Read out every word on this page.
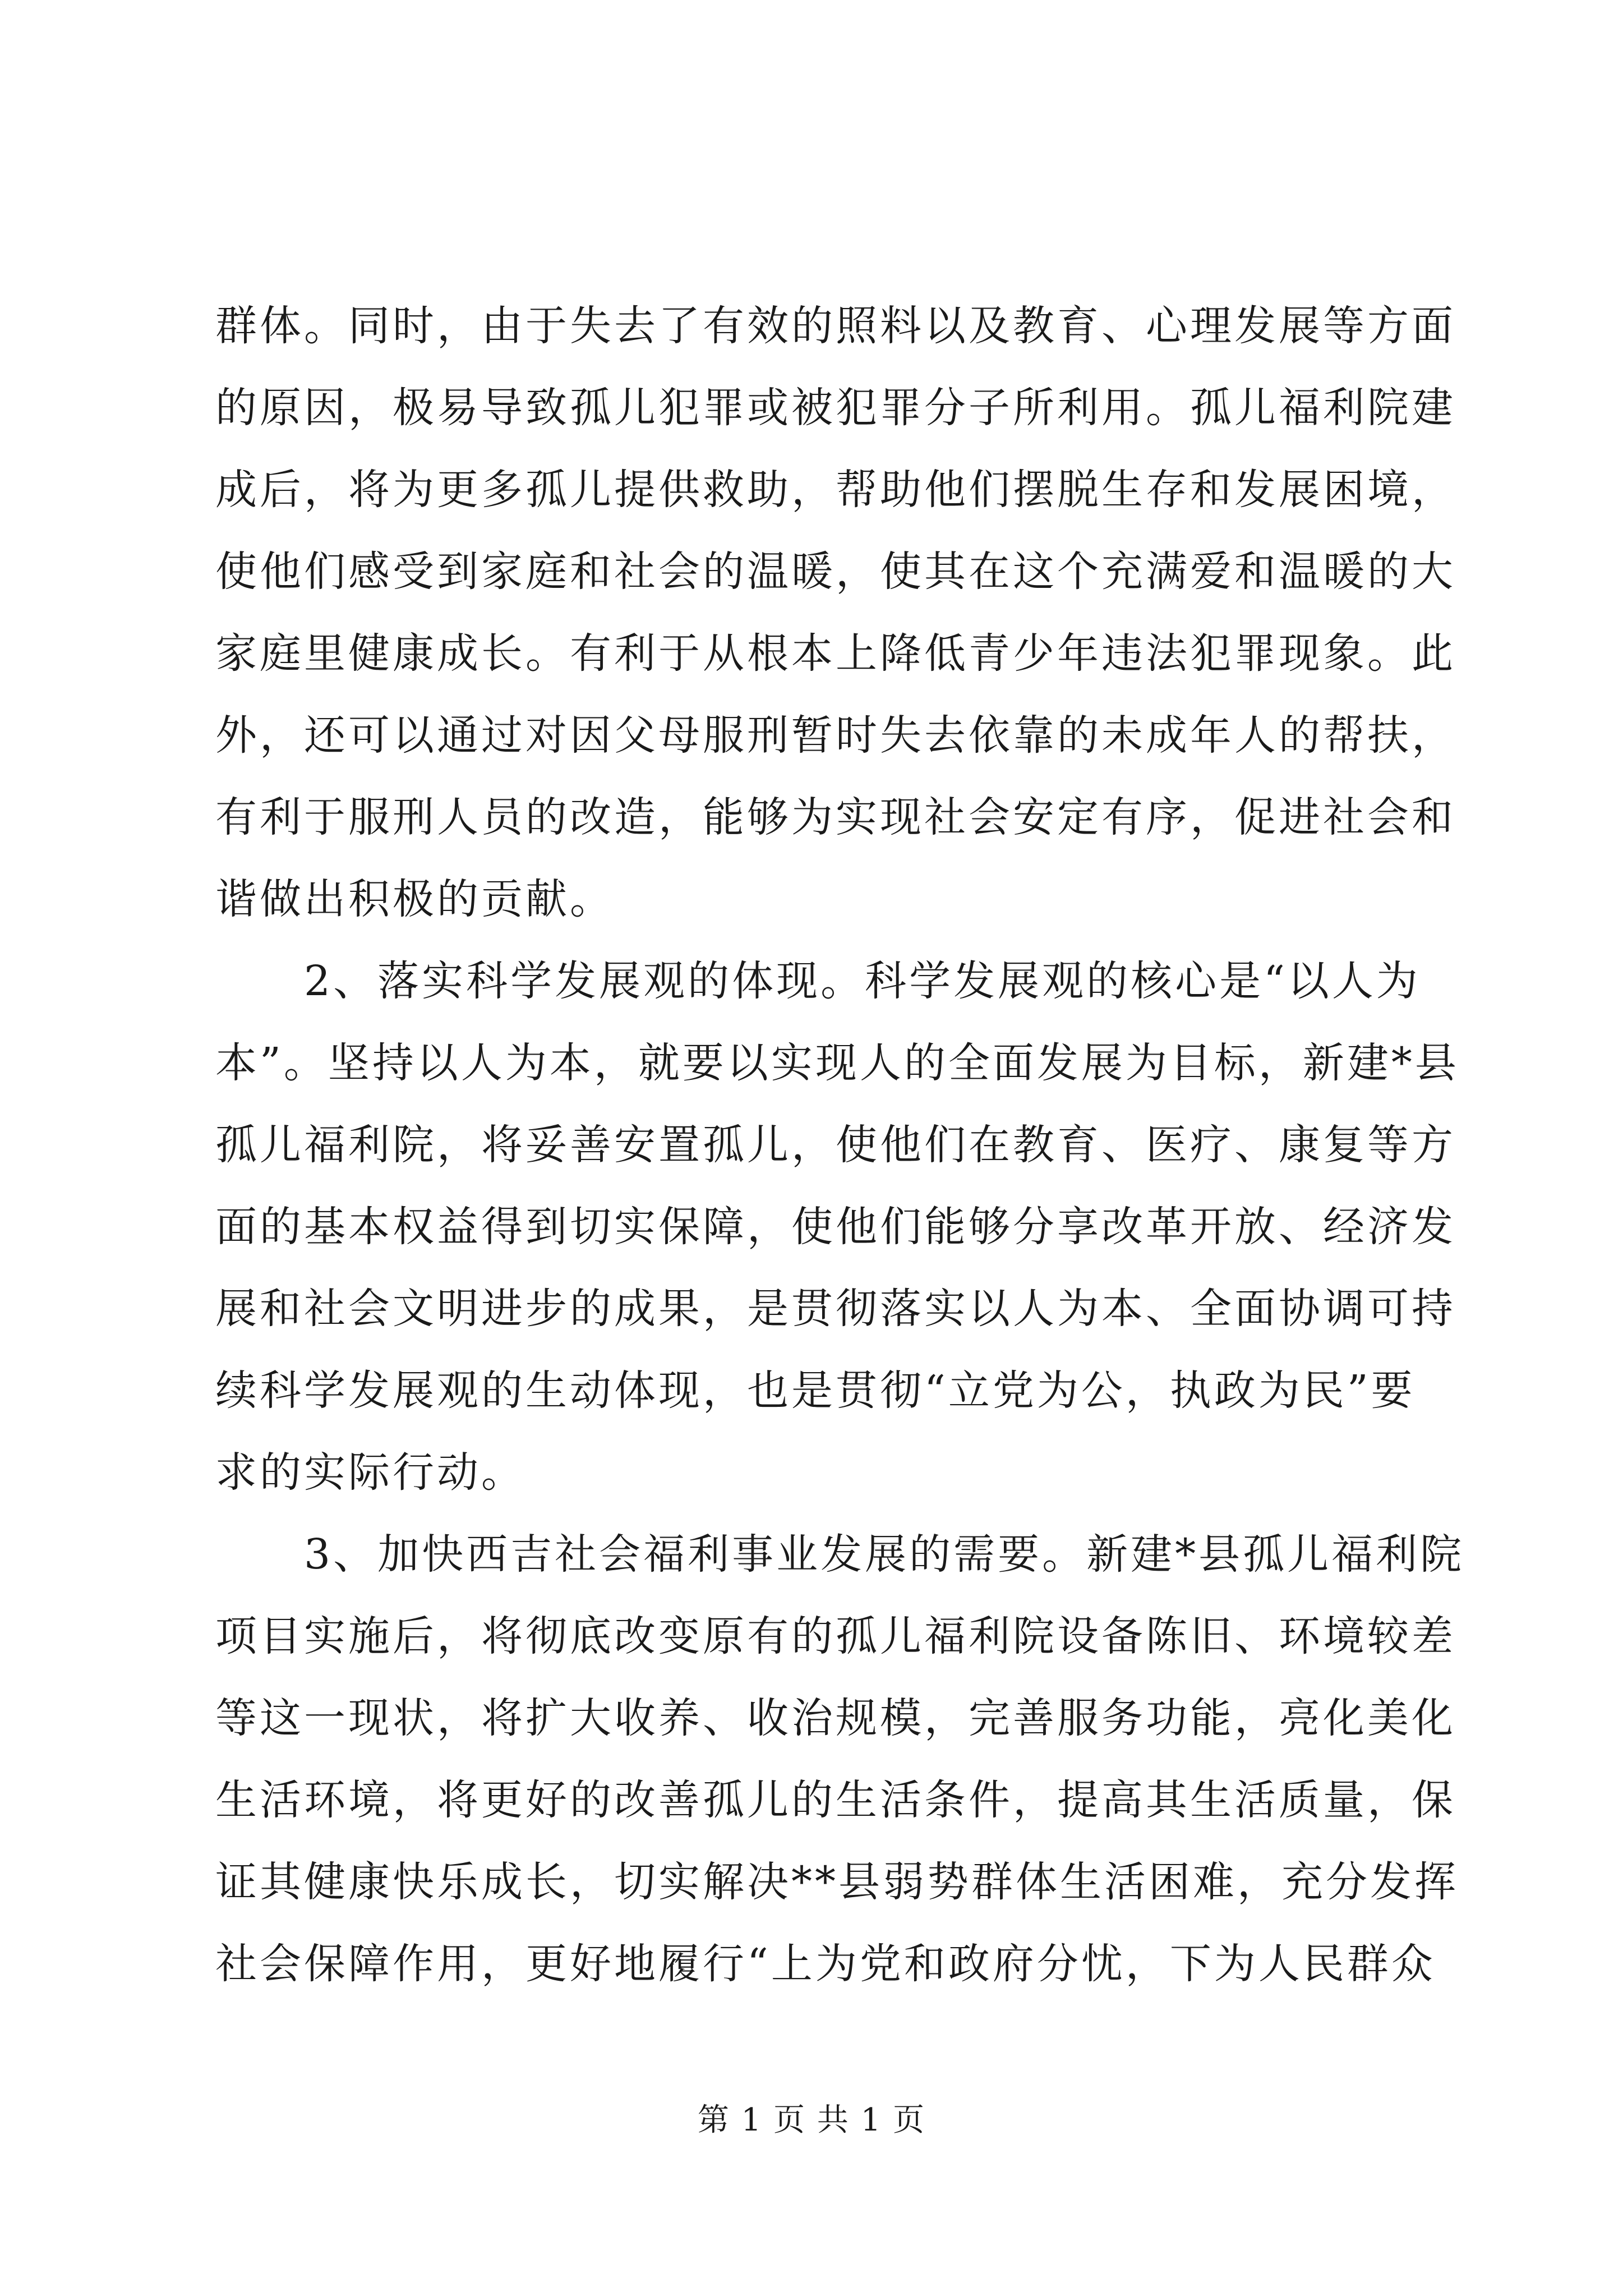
群体。同时，由于失去了有效的照料以及教育、心理发展等方面
的原因，极易导致孤儿犯罪或被犯罪分子所利用。孤儿福利院建
成后，将为更多孤儿提供救助，帮助他们摆脱生存和发展困境，
使他们感受到家庭和社会的温暖，使其在这个充满爱和温暖的大
家庭里健康成长。有利于从根本上降低青少年违法犯罪现象。此
外，还可以通过对因父母服刑暂时失去依靠的未成年人的帮扶，
有利于服刑人员的改造，能够为实现社会安定有序，促进社会和
谐做出积极的贡献。
　　2、落实科学发展观的体现。科学发展观的核心是“以人为
本”。坚持以人为本，就要以实现人的全面发展为目标，新建*县
孤儿福利院，将妥善安置孤儿，使他们在教育、医疗、康复等方
面的基本权益得到切实保障，使他们能够分享改革开放、经济发
展和社会文明进步的成果，是贯彻落实以人为本、全面协调可持
续科学发展观的生动体现，也是贯彻“立党为公，执政为民”要
求的实际行动。
　　3、加快西吉社会福利事业发展的需要。新建*县孤儿福利院
项目实施后，将彻底改变原有的孤儿福利院设备陈旧、环境较差
等这一现状，将扩大收养、收治规模，完善服务功能，亮化美化
生活环境，将更好的改善孤儿的生活条件，提高其生活质量，保
证其健康快乐成长，切实解决**县弱势群体生活困难，充分发挥
社会保障作用，更好地履行“上为党和政府分忧，下为人民群众
第 1 页 共 1 页
